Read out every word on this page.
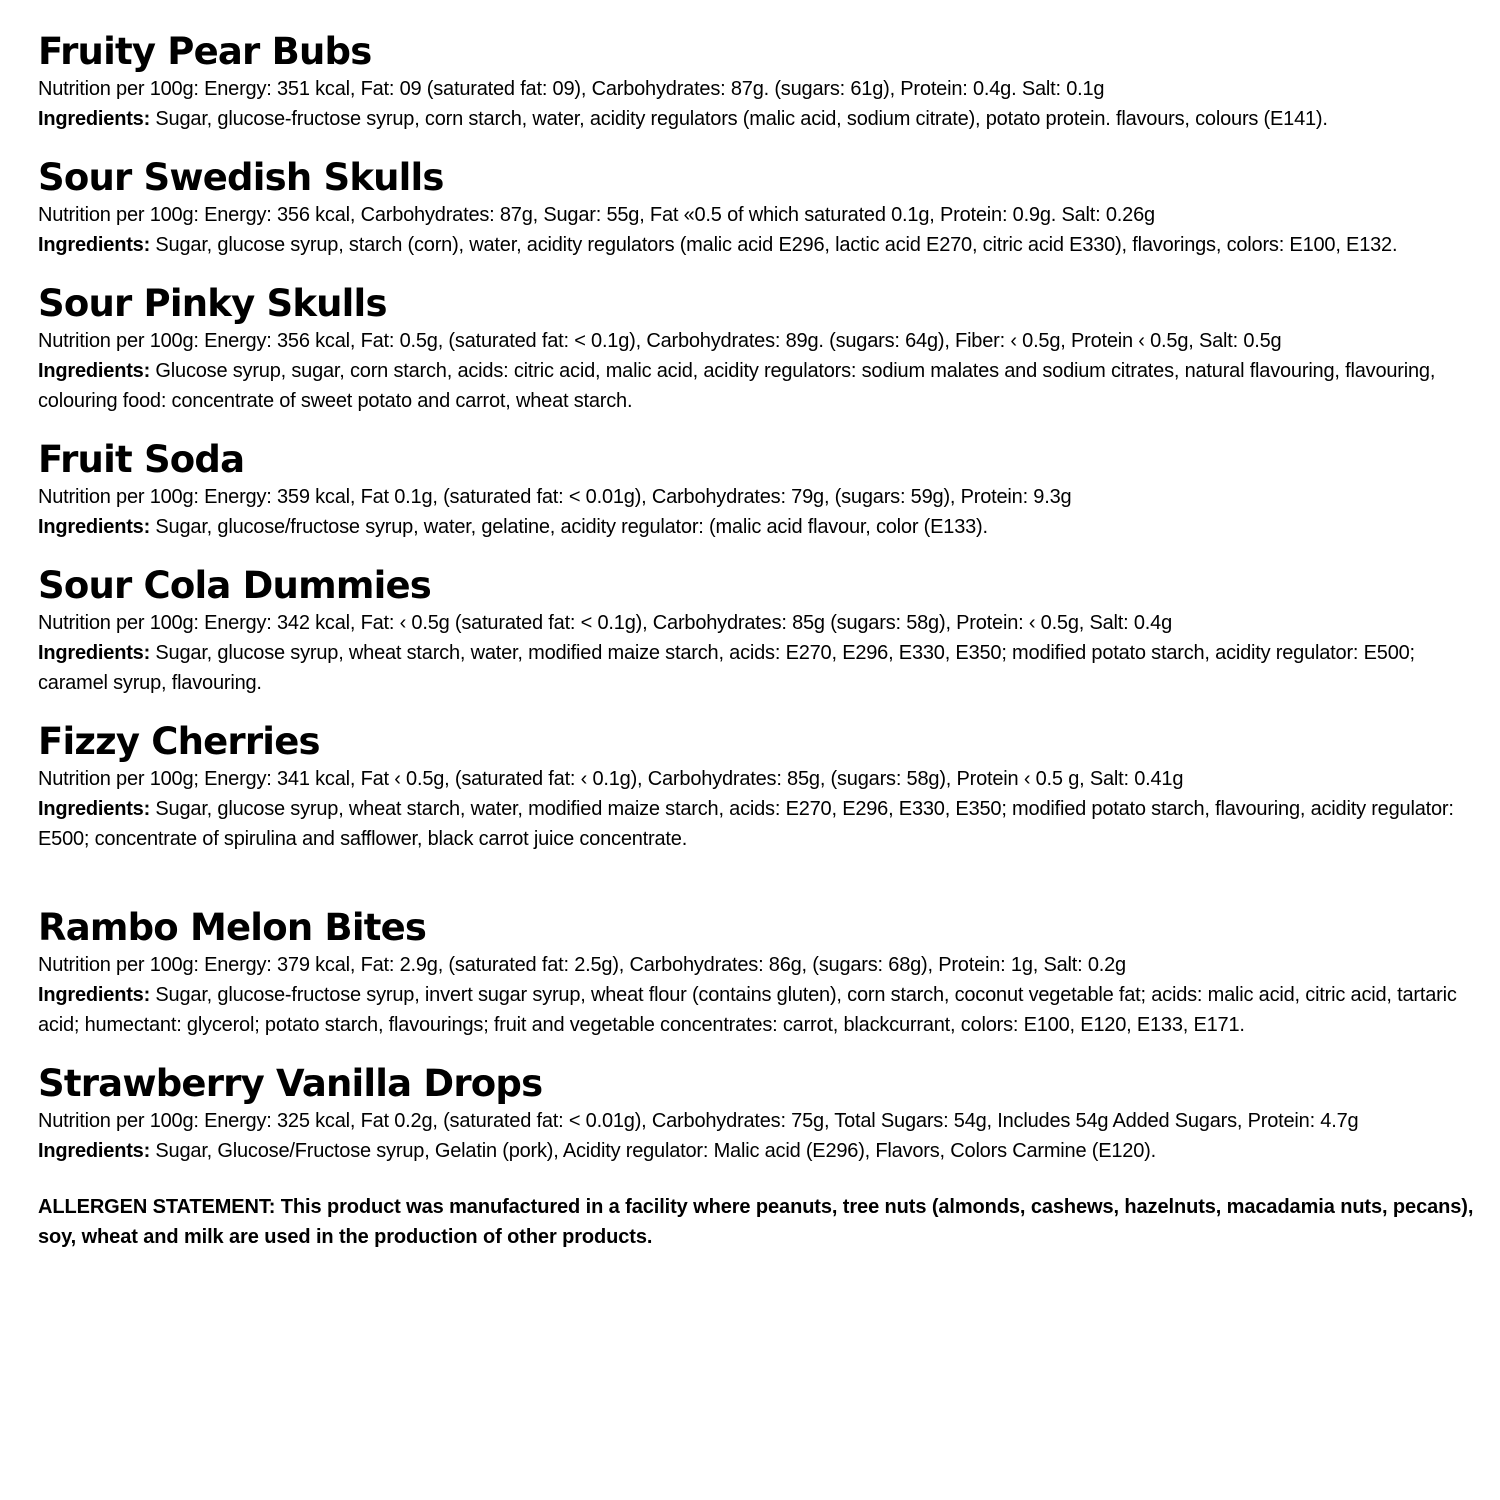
Fruity Pear Bubs

Nutrition per 100g: Energy: 351 kcal, Fat: 09 (saturated fat: 09), Carbohydrates: 87g. (sugars: 61g), Protein: 0.4g. Salt: 0.1g

Ingredients: Sugar, glucose-fructose syrup, corn starch, water, acidity regulators (malic acid, sodium citrate), potato protein. flavours, colours (E141).

Sour Swedish Skulls

Nutrition per 100g: Energy: 356 kcal, Carbohydrates: 87g, Sugar: 55g, Fat «0.5 of which saturated 0.1g, Protein: 0.9g. Salt: 0.26g

Ingredients: Sugar, glucose syrup, starch (corn), water, acidity regulators (malic acid E296, lactic acid E270, citric acid E330), flavorings, colors: E100, E132.

Sour Pinky Skulls

Nutrition per 100g: Energy: 356 kcal, Fat: 0.5g, (saturated fat: < 0.1g), Carbohydrates: 89g. (sugars: 64g), Fiber: ‹ 0.5g, Protein ‹ 0.5g, Salt: 0.5g

Ingredients: Glucose syrup, sugar, corn starch, acids: citric acid, malic acid, acidity regulators: sodium malates and sodium citrates, natural flavouring, flavouring, colouring food: concentrate of sweet potato and carrot, wheat starch.

Fruit Soda

Nutrition per 100g: Energy: 359 kcal, Fat 0.1g, (saturated fat: < 0.01g), Carbohydrates: 79g, (sugars: 59g), Protein: 9.3g

Ingredients: Sugar, glucose/fructose syrup, water, gelatine, acidity regulator: (malic acid flavour, color (E133).

Sour Cola Dummies

Nutrition per 100g: Energy: 342 kcal, Fat: ‹ 0.5g (saturated fat: < 0.1g), Carbohydrates: 85g (sugars: 58g), Protein: ‹ 0.5g, Salt: 0.4g

Ingredients: Sugar, glucose syrup, wheat starch, water, modified maize starch, acids: E270, E296, E330, E350; modified potato starch, acidity regulator: E500; caramel syrup, flavouring.

Fizzy Cherries

Nutrition per 100g; Energy: 341 kcal, Fat ‹ 0.5g, (saturated fat: ‹ 0.1g), Carbohydrates: 85g, (sugars: 58g), Protein ‹ 0.5 g, Salt: 0.41g

Ingredients: Sugar, glucose syrup, wheat starch, water, modified maize starch, acids: E270, E296, E330, E350; modified potato starch, flavouring, acidity regulator: E500; concentrate of spirulina and safflower, black carrot juice concentrate.

Rambo Melon Bites

Nutrition per 100g: Energy: 379 kcal, Fat: 2.9g, (saturated fat: 2.5g), Carbohydrates: 86g, (sugars: 68g), Protein: 1g, Salt: 0.2g

Ingredients: Sugar, glucose-fructose syrup, invert sugar syrup, wheat flour (contains gluten), corn starch, coconut vegetable fat; acids: malic acid, citric acid, tartaric acid; humectant: glycerol; potato starch, flavourings; fruit and vegetable concentrates: carrot, blackcurrant, colors: E100, E120, E133, E171.

Strawberry Vanilla Drops

Nutrition per 100g: Energy: 325 kcal, Fat 0.2g, (saturated fat: < 0.01g), Carbohydrates: 75g, Total Sugars: 54g, Includes 54g Added Sugars, Protein: 4.7g

Ingredients: Sugar, Glucose/Fructose syrup, Gelatin (pork), Acidity regulator: Malic acid (E296), Flavors, Colors Carmine (E120).

ALLERGEN STATEMENT: This product was manufactured in a facility where peanuts, tree nuts (almonds, cashews, hazelnuts, macadamia nuts, pecans), soy, wheat and milk are used in the production of other products.
